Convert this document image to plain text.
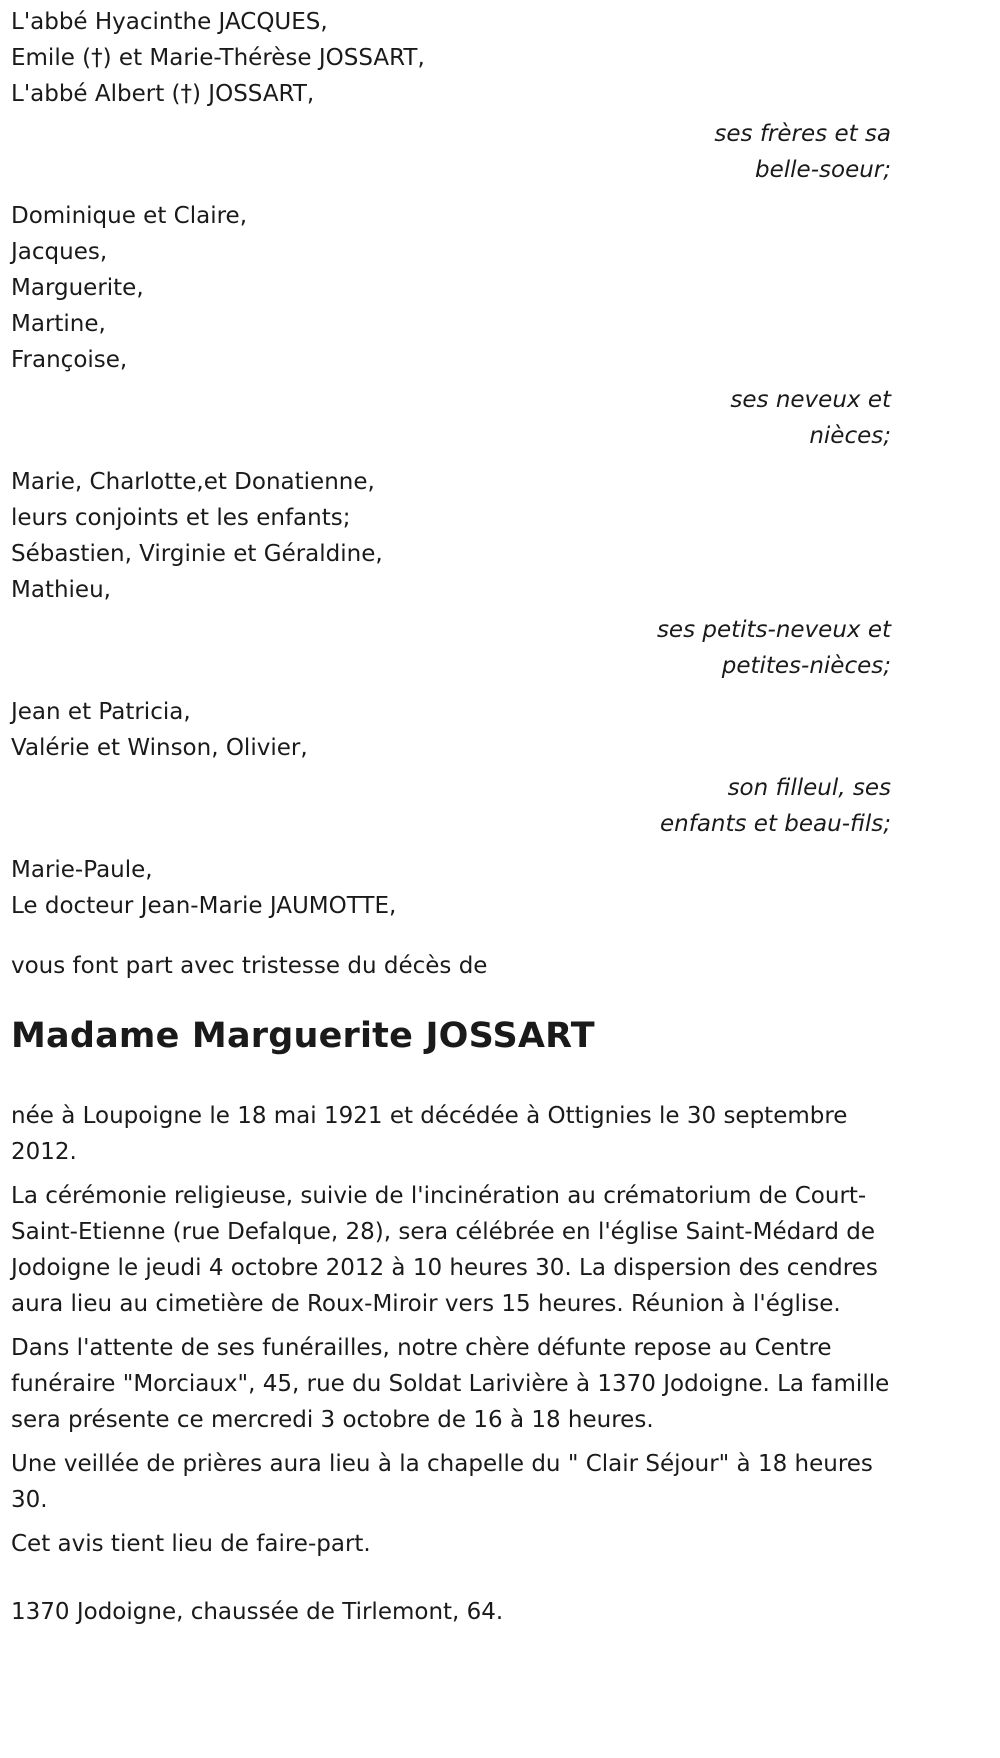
L'abbé Hyacinthe JACQUES,
Emile (†) et Marie-Thérèse JOSSART,
L'abbé Albert (†) JOSSART,
ses frères et sa
belle-soeur;
Dominique et Claire,
Jacques,
Marguerite,
Martine,
Françoise,
ses neveux et
nièces;
Marie, Charlotte,et Donatienne,
leurs conjoints et les enfants;
Sébastien, Virginie et Géraldine,
Mathieu,
ses petits-neveux et
petites-nièces;
Jean et Patricia,
Valérie et Winson, Olivier,
son filleul, ses
enfants et beau-fils;
Marie-Paule,
Le docteur Jean-Marie JAUMOTTE,
vous font part avec tristesse du décès de
Madame Marguerite JOSSART
née à Loupoigne le 18 mai 1921 et décédée à Ottignies le 30 septembre 2012.
La cérémonie religieuse, suivie de l'incinération au crématorium de Court-Saint-Etienne (rue Defalque, 28), sera célébrée en l'église Saint-Médard de Jodoigne le jeudi 4 octobre 2012 à 10 heures 30. La dispersion des cendres aura lieu au cimetière de Roux-Miroir vers 15 heures. Réunion à l'église.
Dans l'attente de ses funérailles, notre chère défunte repose au Centre funéraire "Morciaux", 45, rue du Soldat Larivière à 1370 Jodoigne. La famille sera présente ce mercredi 3 octobre de 16 à 18 heures.
Une veillée de prières aura lieu à la chapelle du " Clair Séjour" à 18 heures 30.
Cet avis tient lieu de faire-part.
1370 Jodoigne, chaussée de Tirlemont, 64.
